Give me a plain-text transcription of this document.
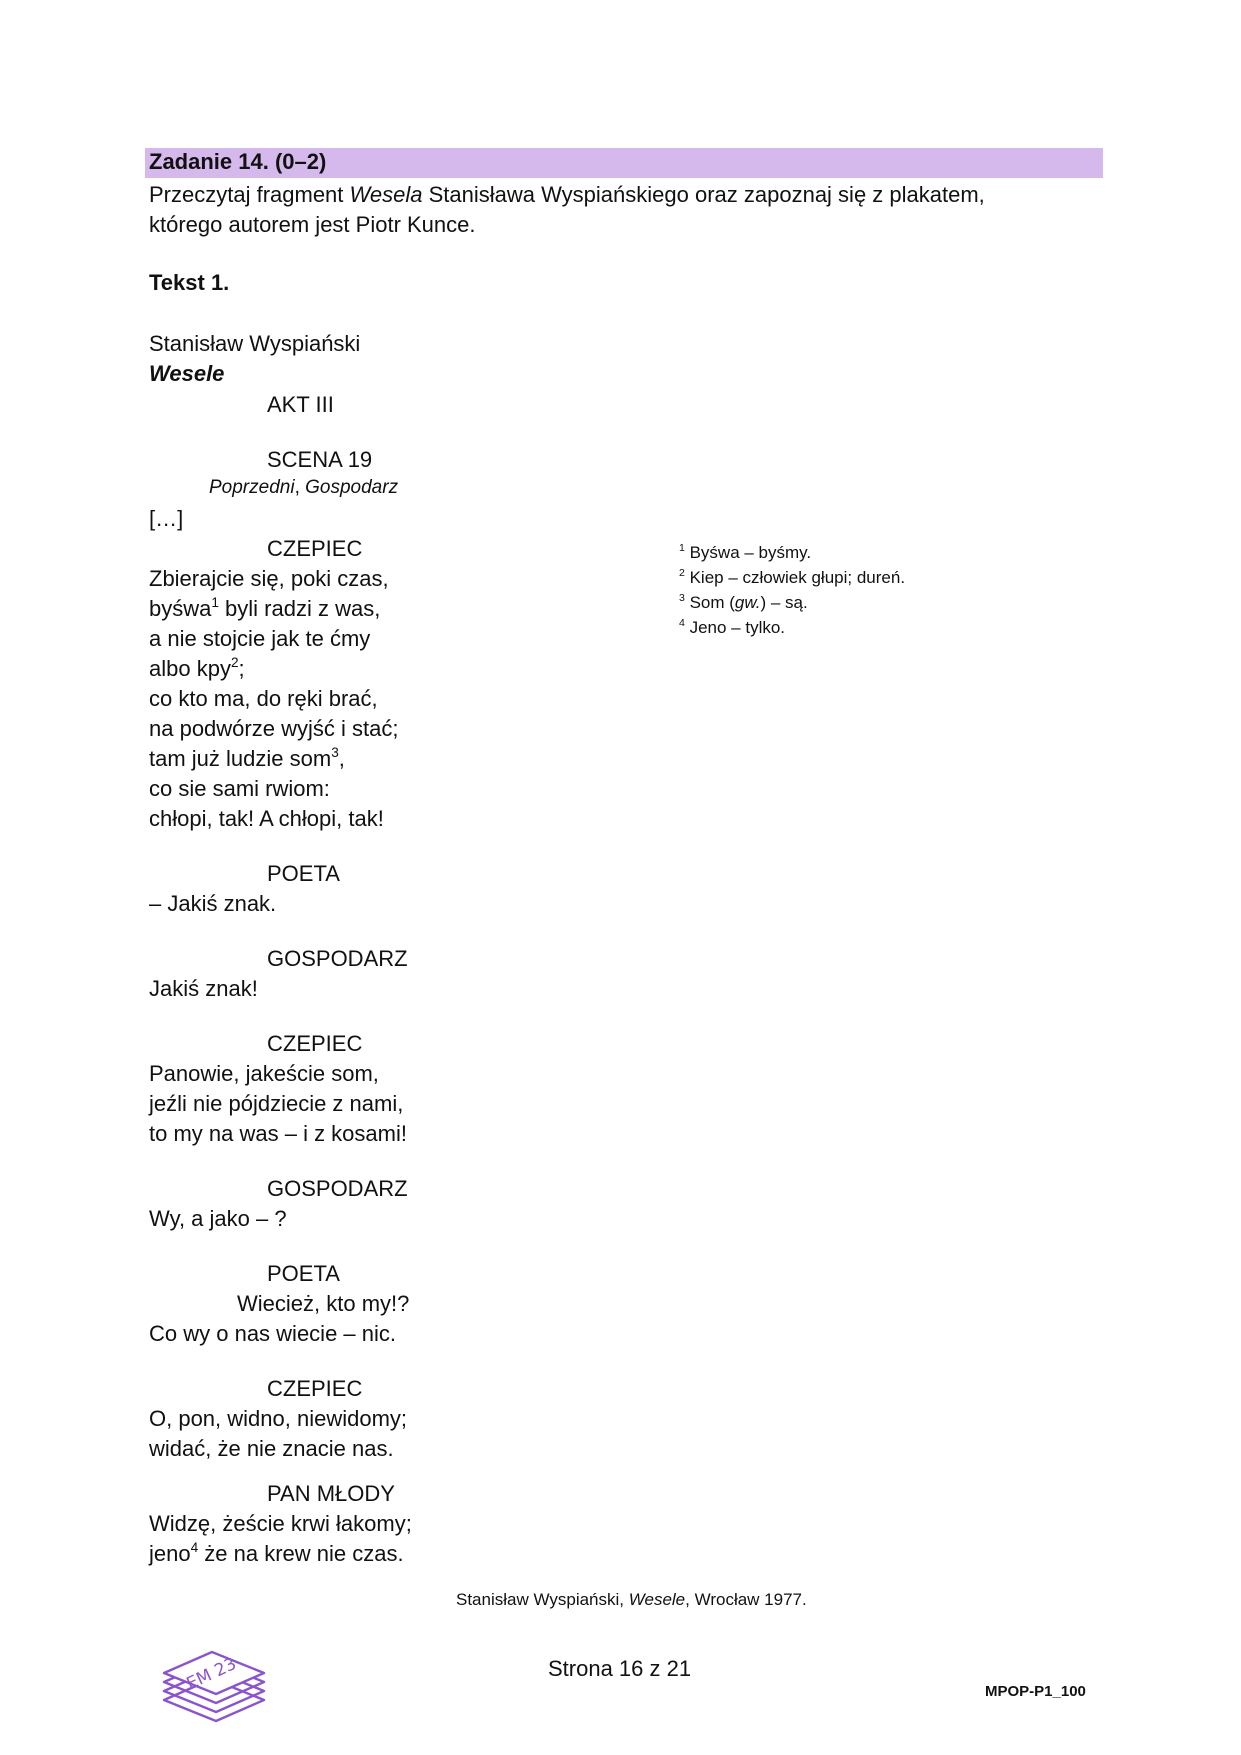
Zadanie 14. (0–2)
Przeczytaj fragment Wesela Stanisława Wyspiańskiego oraz zapoznaj się z plakatem,
którego autorem jest Piotr Kunce.
Tekst 1.
Stanisław Wyspiański
Wesele
AKT III
SCENA 19
Poprzedni, Gospodarz
[…]
CZEPIEC
Zbierajcie się, poki czas,
byśwa$^1$ byli radzi z was,
a nie stojcie jak te ćmy
albo kpy$^2$;
co kto ma, do ręki brać,
na podwórze wyjść i stać;
tam już ludzie som$^3$,
co sie sami rwiom:
chłopi, tak! A chłopi, tak!
POETA
– Jakiś znak.
GOSPODARZ
Jakiś znak!
CZEPIEC
Panowie, jakeście som,
jeźli nie pójdziecie z nami,
to my na was – i z kosami!
GOSPODARZ
Wy, a jako – ?
POETA
Wiecież, kto my!?
Co wy o nas wiecie – nic.
CZEPIEC
O, pon, widno, niewidomy;
widać, że nie znacie nas.
PAN MŁODY
Widzę, żeście krwi łakomy;
jeno$^4$ że na krew nie czas.
$^1$ Byśwa – byśmy.
$^2$ Kiep – człowiek głupi; dureń.
$^3$ Som (gw.) – są.
$^4$ Jeno – tylko.
Stanisław Wyspiański, Wesele, Wrocław 1977.
EM 23	Strona 16 z 21
MPOP-P1_100
